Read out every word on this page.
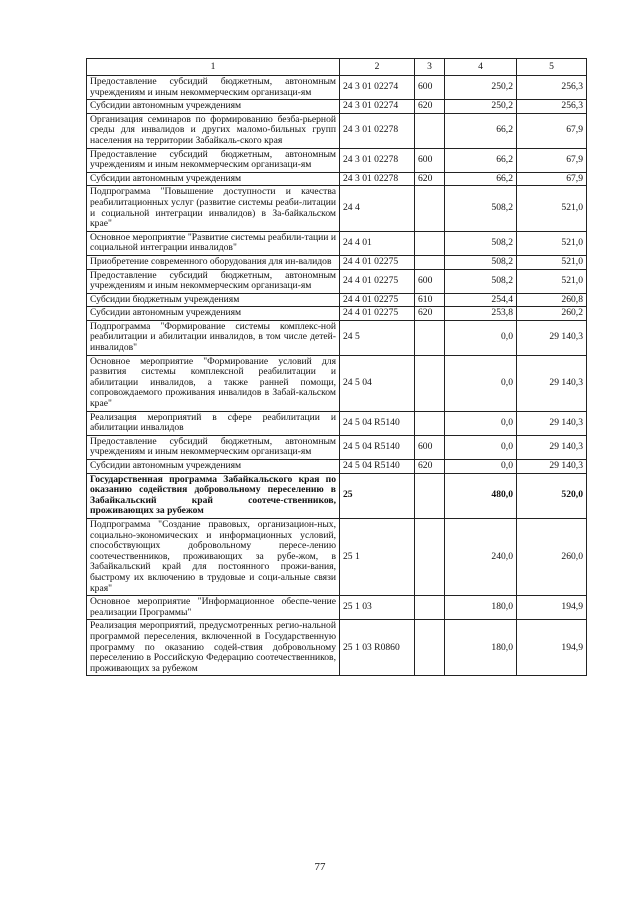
1	2	3	4	5
Предоставление субсидий бюджетным, автономным учреждениям и иным некоммерческим организаци-ям	24 3 01 02274	600	250,2	256,3
Субсидии автономным учреждениям	24 3 01 02274	620	250,2	256,3
Организация семинаров по формированию безба-рьерной среды для инвалидов и других маломо-бильных групп населения на территории Забайкаль-ского края	24 3 01 02278		66,2	67,9
Предоставление субсидий бюджетным, автономным учреждениям и иным некоммерческим организаци-ям	24 3 01 02278	600	66,2	67,9
Субсидии автономным учреждениям	24 3 01 02278	620	66,2	67,9
Подпрограмма "Повышение доступности и качества реабилитационных услуг (развитие системы реаби-литации и социальной интеграции инвалидов) в За-байкальском крае"	24 4		508,2	521,0
Основное мероприятие "Развитие системы реабили-тации и социальной интеграции инвалидов"	24 4 01		508,2	521,0
Приобретение современного оборудования для ин-валидов	24 4 01 02275		508,2	521,0
Предоставление субсидий бюджетным, автономным учреждениям и иным некоммерческим организаци-ям	24 4 01 02275	600	508,2	521,0
Субсидии бюджетным учреждениям	24 4 01 02275	610	254,4	260,8
Субсидии автономным учреждениям	24 4 01 02275	620	253,8	260,2
Подпрограмма "Формирование системы комплекс-ной реабилитации и абилитации инвалидов, в том числе детей-инвалидов"	24 5		0,0	29 140,3
Основное мероприятие "Формирование условий для развития системы комплексной реабилитации и абилитации инвалидов, а также ранней помощи, сопровождаемого проживания инвалидов в Забай-кальском крае"	24 5 04		0,0	29 140,3
Реализация мероприятий в сфере реабилитации и абилитации инвалидов	24 5 04 R5140		0,0	29 140,3
Предоставление субсидий бюджетным, автономным учреждениям и иным некоммерческим организаци-ям	24 5 04 R5140	600	0,0	29 140,3
Субсидии автономным учреждениям	24 5 04 R5140	620	0,0	29 140,3
Государственная программа Забайкальского края по оказанию содействия добровольному переселению в Забайкальский край соотече-ственников, проживающих за рубежом	25		480,0	520,0
Подпрограмма "Создание правовых, организацион-ных, социально-экономических и информационных условий, способствующих добровольному пересе-лению соотечественников, проживающих за рубе-жом, в Забайкальский край для постоянного прожи-вания, быстрому их включению в трудовые и соци-альные связи края"	25 1		240,0	260,0
Основное мероприятие "Информационное обеспе-чение реализации Программы"	25 1 03		180,0	194,9
Реализация мероприятий, предусмотренных регио-нальной программой переселения, включенной в Государственную программу по оказанию содей-ствия добровольному переселению в Российскую Федерацию соотечественников, проживающих за рубежом	25 1 03 R0860		180,0	194,9
77
